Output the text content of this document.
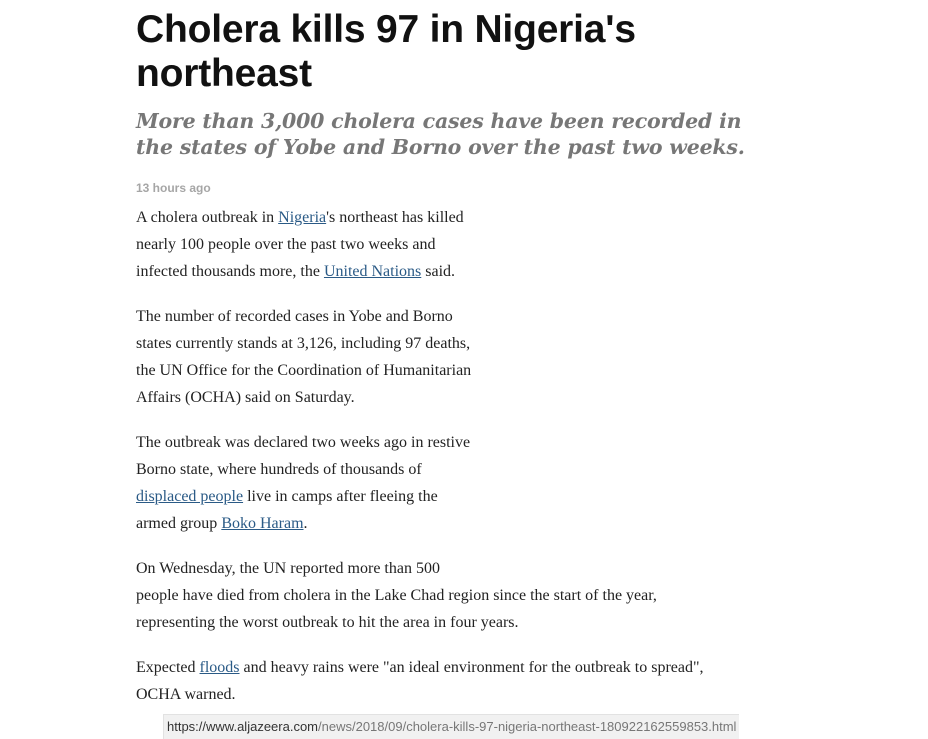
Cholera kills 97 in Nigeria's northeast
More than 3,000 cholera cases have been recorded in the states of Yobe and Borno over the past two weeks.
13 hours ago

A cholera outbreak in Nigeria's northeast has killed
nearly 100 people over the past two weeks and
infected thousands more, the United Nations said.

The number of recorded cases in Yobe and Borno
states currently stands at 3,126, including 97 deaths,
the UN Office for the Coordination of Humanitarian
Affairs (OCHA) said on Saturday.

The outbreak was declared two weeks ago in restive
Borno state, where hundreds of thousands of
displaced people live in camps after fleeing the
armed group Boko Haram.

On Wednesday, the UN reported more than 500
people have died from cholera in the Lake Chad region since the start of the year,
representing the worst outbreak to hit the area in four years.

Expected floods and heavy rains were "an ideal environment for the outbreak to spread",
OCHA warned.

https://www.aljazeera.com/news/2018/09/cholera-kills-97-nigeria-northeast-180922162559853.html
